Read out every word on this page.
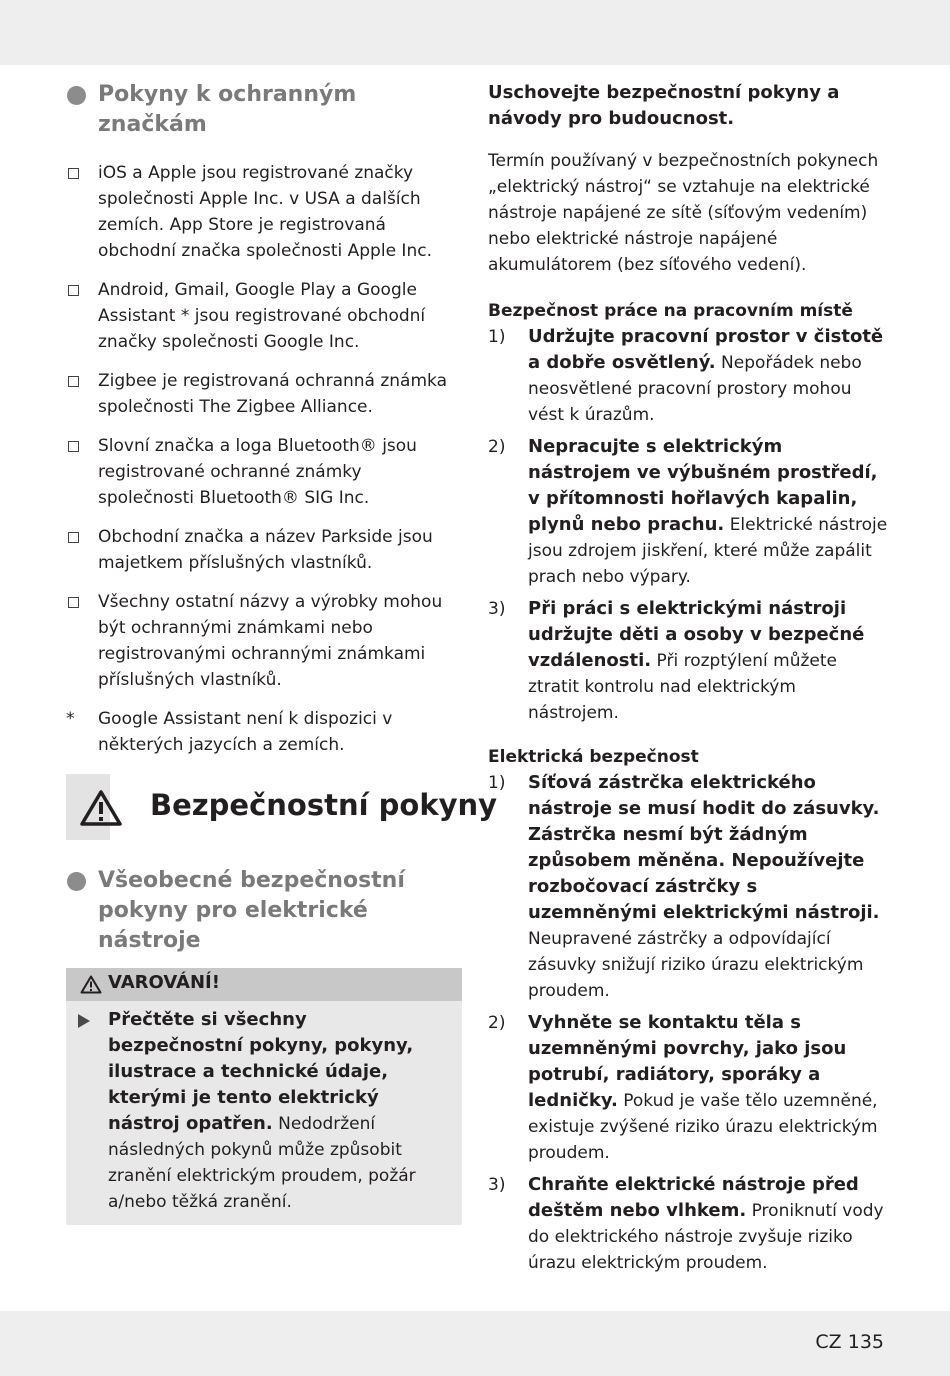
Pokyny k ochranným značkám
iOS a Apple jsou registrované značky společnosti Apple Inc. v USA a dalších zemích. App Store je registrovaná obchodní značka společnosti Apple Inc.
Android, Gmail, Google Play a Google Assistant * jsou registrované obchodní značky společnosti Google Inc.
Zigbee je registrovaná ochranná známka společnosti The Zigbee Alliance.
Slovní značka a loga Bluetooth® jsou registrované ochranné známky společnosti Bluetooth® SIG Inc.
Obchodní značka a název Parkside jsou majetkem příslušných vlastníků.
Všechny ostatní názvy a výrobky mohou být ochrannými známkami nebo registrovanými ochrannými známkami příslušných vlastníků.
* Google Assistant není k dispozici v některých jazycích a zemích.
Bezpečnostní pokyny
Všeobecné bezpečnostní pokyny pro elektrické nástroje
VAROVÁNÍ!
Přečtěte si všechny bezpečnostní pokyny, pokyny, ilustrace a technické údaje, kterými je tento elektrický nástroj opatřen. Nedodržení následných pokynů může způsobit zranění elektrickým proudem, požár a/nebo těžká zranění.
Uschovejte bezpečnostní pokyny a návody pro budoucnost.
Termín používaný v bezpečnostních pokynech „elektrický nástroj“ se vztahuje na elektrické nástroje napájené ze sítě (síťovým vedením) nebo elektrické nástroje napájené akumulátorem (bez síťového vedení).
Bezpečnost práce na pracovním místě
1) Udržujte pracovní prostor v čistotě a dobře osvětlený. Nepořádek nebo neosvětlené pracovní prostory mohou vést k úrazům.
2) Nepracujte s elektrickým nástrojem ve výbušném prostředí, v přítomnosti hořlavých kapalin, plynů nebo prachu. Elektrické nástroje jsou zdrojem jiskření, které může zapálit prach nebo výpary.
3) Při práci s elektrickými nástroji udržujte děti a osoby v bezpečné vzdálenosti. Při rozptýlení můžete ztratit kontrolu nad elektrickým nástrojem.
Elektrická bezpečnost
1) Síťová zástrčka elektrického nástroje se musí hodit do zásuvky. Zástrčka nesmí být žádným způsobem měněna. Nepoužívejte rozbočovací zástrčky s uzemněnými elektrickými nástroji. Neupravené zástrčky a odpovídající zásuvky snižují riziko úrazu elektrickým proudem.
2) Vyhněte se kontaktu těla s uzemněnými povrchy, jako jsou potrubí, radiátory, sporáky a ledničky. Pokud je vaše tělo uzemněné, existuje zvýšené riziko úrazu elektrickým proudem.
3) Chraňte elektrické nástroje před deštěm nebo vlhkem. Proniknutí vody do elektrického nástroje zvyšuje riziko úrazu elektrickým proudem.
CZ 135
